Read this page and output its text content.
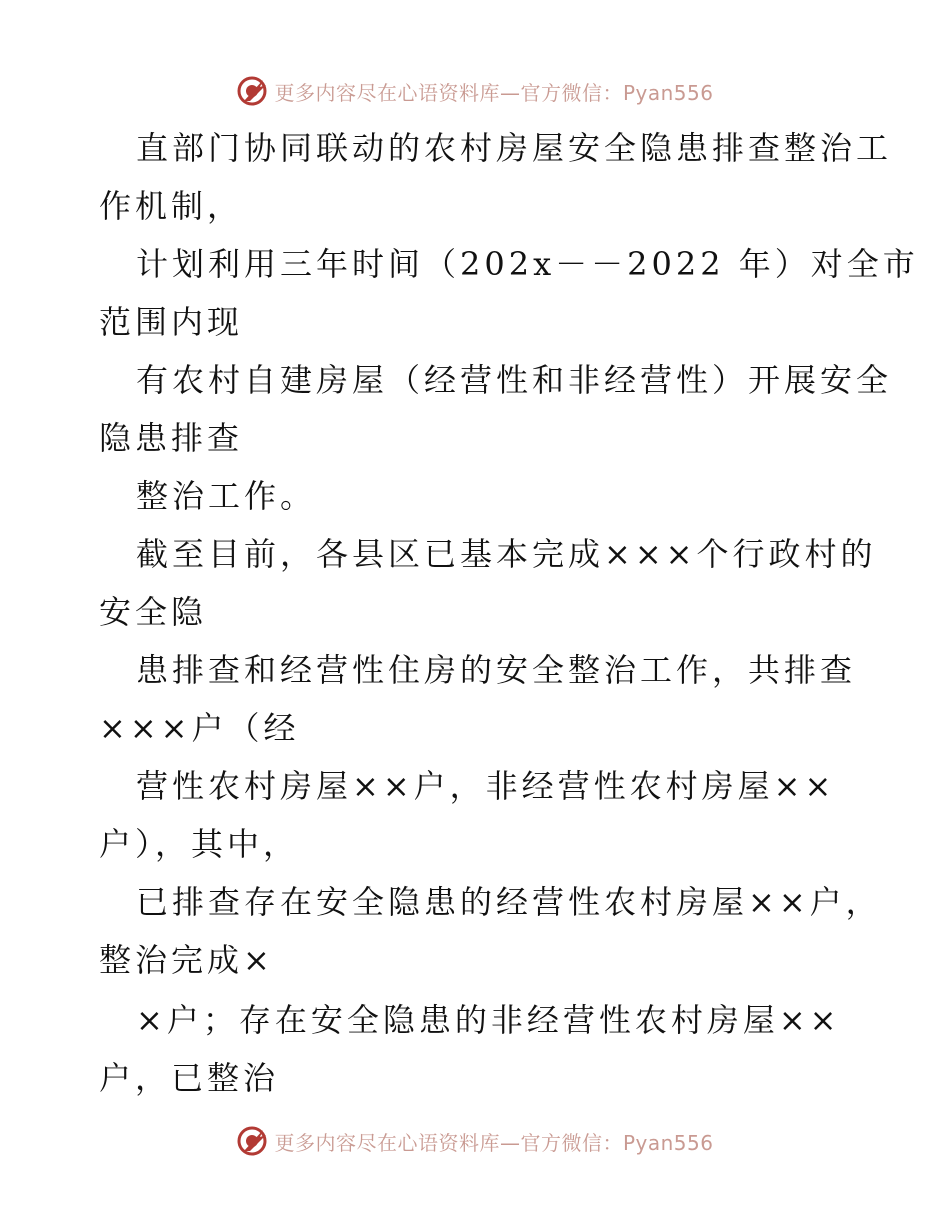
更多内容尽在心语资料库—官方微信：Pyan556
直部门协同联动的农村房屋安全隐患排查整治工
作机制，
计划利用三年时间（202x－－2022 年）对全市
范围内现
有农村自建房屋（经营性和非经营性）开展安全
隐患排查
整治工作。
截至目前，各县区已基本完成×××个行政村的
安全隐
患排查和经营性住房的安全整治工作，共排查
×××户（经
营性农村房屋××户，非经营性农村房屋××
户），其中，
已排查存在安全隐患的经营性农村房屋××户，
整治完成×
×户；存在安全隐患的非经营性农村房屋××
户，已整治
更多内容尽在心语资料库—官方微信：Pyan556
